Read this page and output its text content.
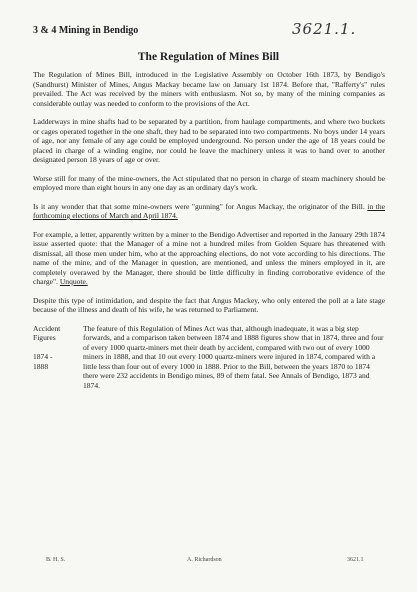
3 & 4 Mining in Bendigo	3621.1.
The Regulation of Mines Bill

The Regulation of Mines Bill, introduced in the Legislative Assembly on October 16th 1873, by Bendigo's (Sandhurst) Minister of Mines, Angus Mackay became law on January 1st 1874. Before that, "Rafferty's" rules prevailed. The Act was received by the miners with enthusiasm. Not so, by many of the mining companies as considerable outlay was needed to conform to the provisions of the Act.

Ladderways in mine shafts had to be separated by a partition, from haulage compartments, and where two buckets or cages operated together in the one shaft, they had to be separated into two compartments. No boys under 14 years of age, nor any female of any age could be employed underground. No person under the age of 18 years could be placed in charge of a winding engine, nor could he leave the machinery unless it was to hand over to another designated person 18 years of age or over.

Worse still for many of the mine-owners, the Act stipulated that no person in charge of steam machinery should be employed more than eight hours in any one day as an ordinary day's work.

Is it any wonder that that some mine-owners were "gunning" for Angus Mackay, the originator of the Bill. in the forthcoming elections of March and April 1874.

For example, a letter, apparently written by a miner to the Bendigo Advertiser and reported in the January 29th 1874 issue asserted quote: that the Manager of a mine not a hundred miles from Golden Square has threatened with dismissal, all those men under him, who at the approaching elections, do not vote according to his directions. The name of the mine, and of the Manager in question, are mentioned, and unless the miners employed in it, are completely overawed by the Manager, there should be little difficulty in finding corroborative evidence of the charge". Unquote.

Despite this type of intimidation, and despite the fact that Angus Mackey, who only entered the poll at a late stage because of the illness and death of his wife, he was returned to Parliament.

Accident
Figures
1874 -
1888
The feature of this Regulation of Mines Act was that, although inadequate, it was a big step forwards, and a comparison taken between 1874 and 1888 figures show that in 1874, three and four of every 1000 quartz-miners met their death by accident, compared with two out of every 1000 miners in 1888, and that 10 out every 1000 quartz-miners were injured in 1874, compared with a little less than four out of every 1000 in 1888. Prior to the Bill, between the years 1870 to 1874 there were 232 accidents in Bendigo mines, 89 of them fatal. See Annals of Bendigo, 1873 and 1874.
B. H. S.	A. Richardson	3621.1
